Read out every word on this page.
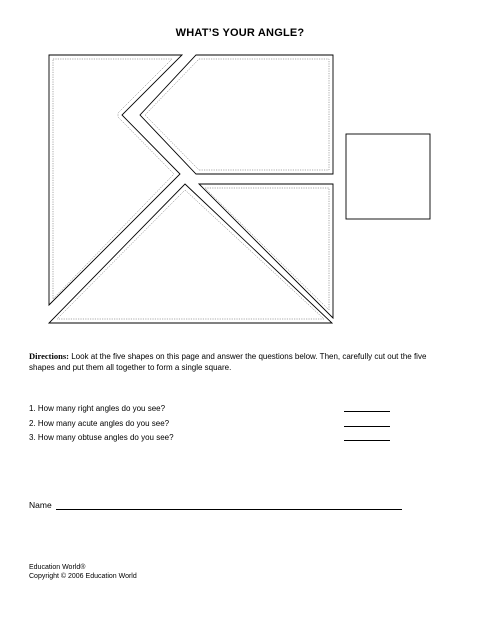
WHAT’S YOUR ANGLE?
Directions: Look at the five shapes on this page and answer the questions below. Then, carefully cut out the five shapes and put them all together to form a single square.
1. How many right angles do you see?
2. How many acute angles do you see?
3. How many obtuse angles do you see?
Name
Education World®
Copyright © 2006 Education World
